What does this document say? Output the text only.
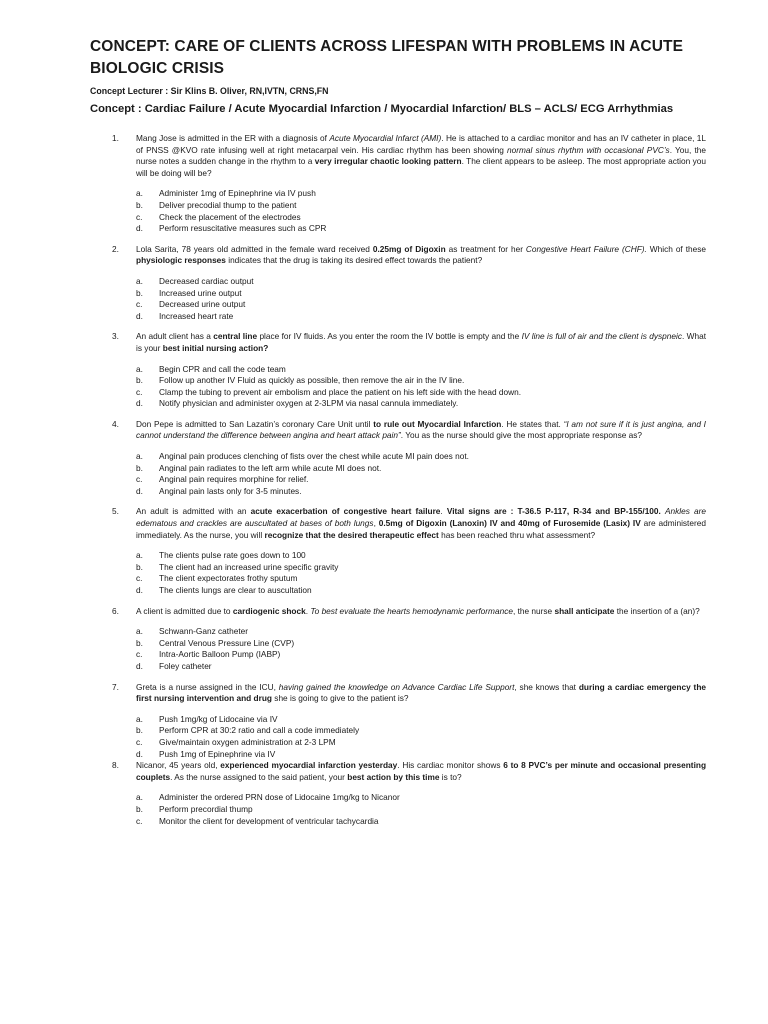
CONCEPT: CARE OF CLIENTS ACROSS LIFESPAN WITH PROBLEMS IN ACUTE BIOLOGIC CRISIS
Concept Lecturer : Sir Klins B. Oliver, RN,IVTN, CRNS,FN
Concept : Cardiac Failure / Acute Myocardial Infarction / Myocardial Infarction/ BLS – ACLS/ ECG Arrhythmias
1.	Mang Jose is admitted in the ER with a diagnosis of Acute Myocardial Infarct (AMI). He is attached to a cardiac monitor and has an IV catheter in place, 1L of PNSS @KVO rate infusing well at right metacarpal vein. His cardiac rhythm has been showing normal sinus rhythm with occasional PVC’s. You, the nurse notes a sudden change in the rhythm to a very irregular chaotic looking pattern. The client appears to be asleep. The most appropriate action you will be doing will be?
a.	Administer 1mg of Epinephrine via IV push
b.	Deliver precodial thump to the patient
c.	Check the placement of the electrodes
d.	Perform resuscitative measures such as CPR
2.	Lola Sarita, 78 years old admitted in the female ward received 0.25mg of Digoxin as treatment for her Congestive Heart Failure (CHF). Which of these physiologic responses indicates that the drug is taking its desired effect towards the patient?
a.	Decreased cardiac output
b.	Increased urine output
c.	Decreased urine output
d.	Increased heart rate
3.	An adult client has a central line place for IV fluids. As you enter the room the IV bottle is empty and the IV line is full of air and the client is dyspneic. What is your best initial nursing action?
a.	Begin CPR and call the code team
b.	Follow up another IV Fluid as quickly as possible, then remove the air in the IV line.
c.	Clamp the tubing to prevent air embolism and place the patient on his left side with the head down.
d.	Notify physician and administer oxygen at 2-3LPM via nasal cannula immediately.
4.	Don Pepe is admitted to San Lazatin’s coronary Care Unit until to rule out Myocardial Infarction. He states that. “I am not sure if it is just angina, and I cannot understand the difference between angina and heart attack pain”. You as the nurse should give the most appropriate response as?
a.	Anginal pain produces clenching of fists over the chest while acute MI pain does not.
b.	Anginal pain radiates to the left arm while acute MI does not.
c.	Anginal pain requires morphine for relief.
d.	Anginal pain lasts only for 3-5 minutes.
5.	An adult is admitted with an acute exacerbation of congestive heart failure. Vital signs are : T-36.5 P-117, R-34 and BP-155/100. Ankles are edematous and crackles are auscultated at bases of both lungs, 0.5mg of Digoxin (Lanoxin) IV and 40mg of Furosemide (Lasix) IV are administered immediately. As the nurse, you will recognize that the desired therapeutic effect has been reached thru what assessment?
a.	The clients pulse rate goes down to 100
b.	The client had an increased urine specific gravity
c.	The client expectorates frothy sputum
d.	The clients lungs are clear to auscultation
6.	A client is admitted due to cardiogenic shock. To best evaluate the hearts hemodynamic performance, the nurse shall anticipate the insertion of a (an)?
a.	Schwann-Ganz catheter
b.	Central Venous Pressure Line (CVP)
c.	Intra-Aortic Balloon Pump (IABP)
d.	Foley catheter
7.	Greta is a nurse assigned in the ICU, having gained the knowledge on Advance Cardiac Life Support, she knows that during a cardiac emergency the first nursing intervention and drug she is going to give to the patient is?
a.	Push 1mg/kg of Lidocaine via IV
b.	Perform CPR at 30:2 ratio and call a code immediately
c.	Give/maintain oxygen administration at 2-3 LPM
d.	Push 1mg of Epinephrine via IV
8.	Nicanor, 45 years old, experienced myocardial infarction yesterday. His cardiac monitor shows 6 to 8 PVC’s per minute and occasional presenting couplets. As the nurse assigned to the said patient, your best action by this time is to?
a.	Administer the ordered PRN dose of Lidocaine 1mg/kg to Nicanor
b.	Perform precordial thump
c.	Monitor the client for development of ventricular tachycardia
